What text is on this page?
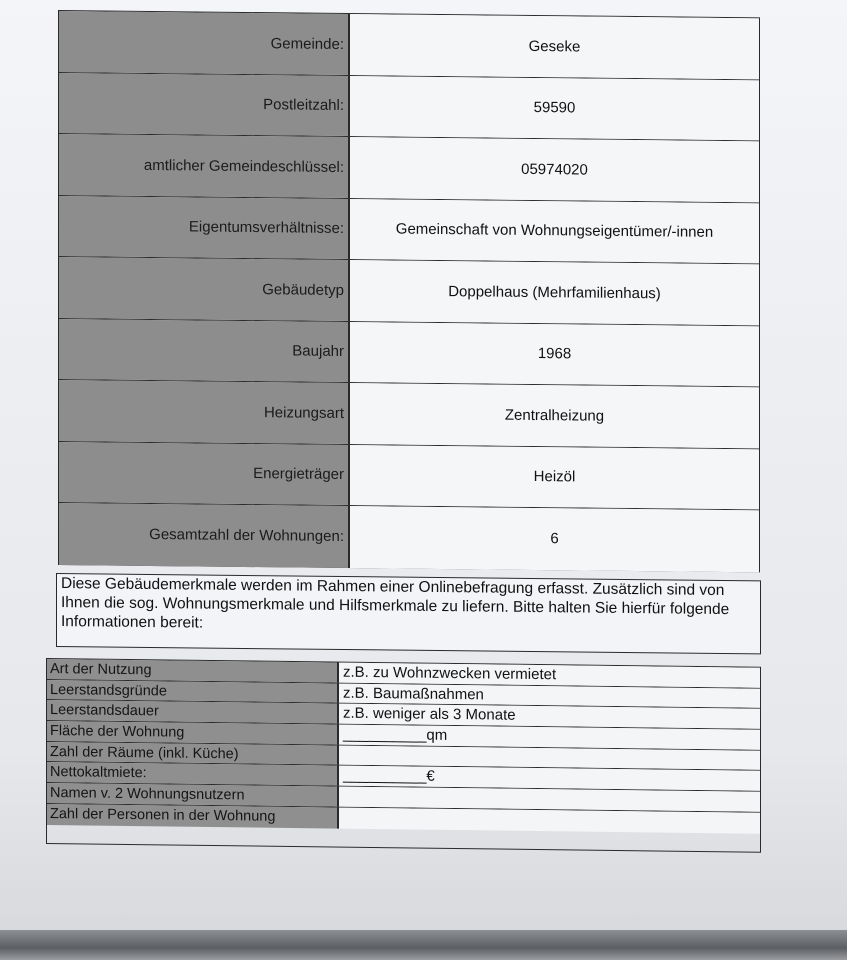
Gemeinde:	Geseke
Postleitzahl:	59590
amtlicher Gemeindeschlüssel:	05974020
Eigentumsverhältnisse:	Gemeinschaft von Wohnungseigentümer/-innen
Gebäudetyp	Doppelhaus (Mehrfamilienhaus)
Baujahr	1968
Heizungsart	Zentralheizung
Energieträger	Heizöl
Gesamtzahl der Wohnungen:	6
Diese Gebäudemerkmale werden im Rahmen einer Onlinebefragung erfasst. Zusätzlich sind von Ihnen die sog. Wohnungsmerkmale und Hilfsmerkmale zu liefern. Bitte halten Sie hierfür folgende Informationen bereit:
Art der Nutzung	z.B. zu Wohnzwecken vermietet
Leerstandsgründe	z.B. Baumaßnahmen
Leerstandsdauer	z.B. weniger als 3 Monate
Fläche der Wohnung	__________qm
Zahl der Räume (inkl. Küche)
Nettokaltmiete:	__________€
Namen v. 2 Wohnungsnutzern
Zahl der Personen in der Wohnung
